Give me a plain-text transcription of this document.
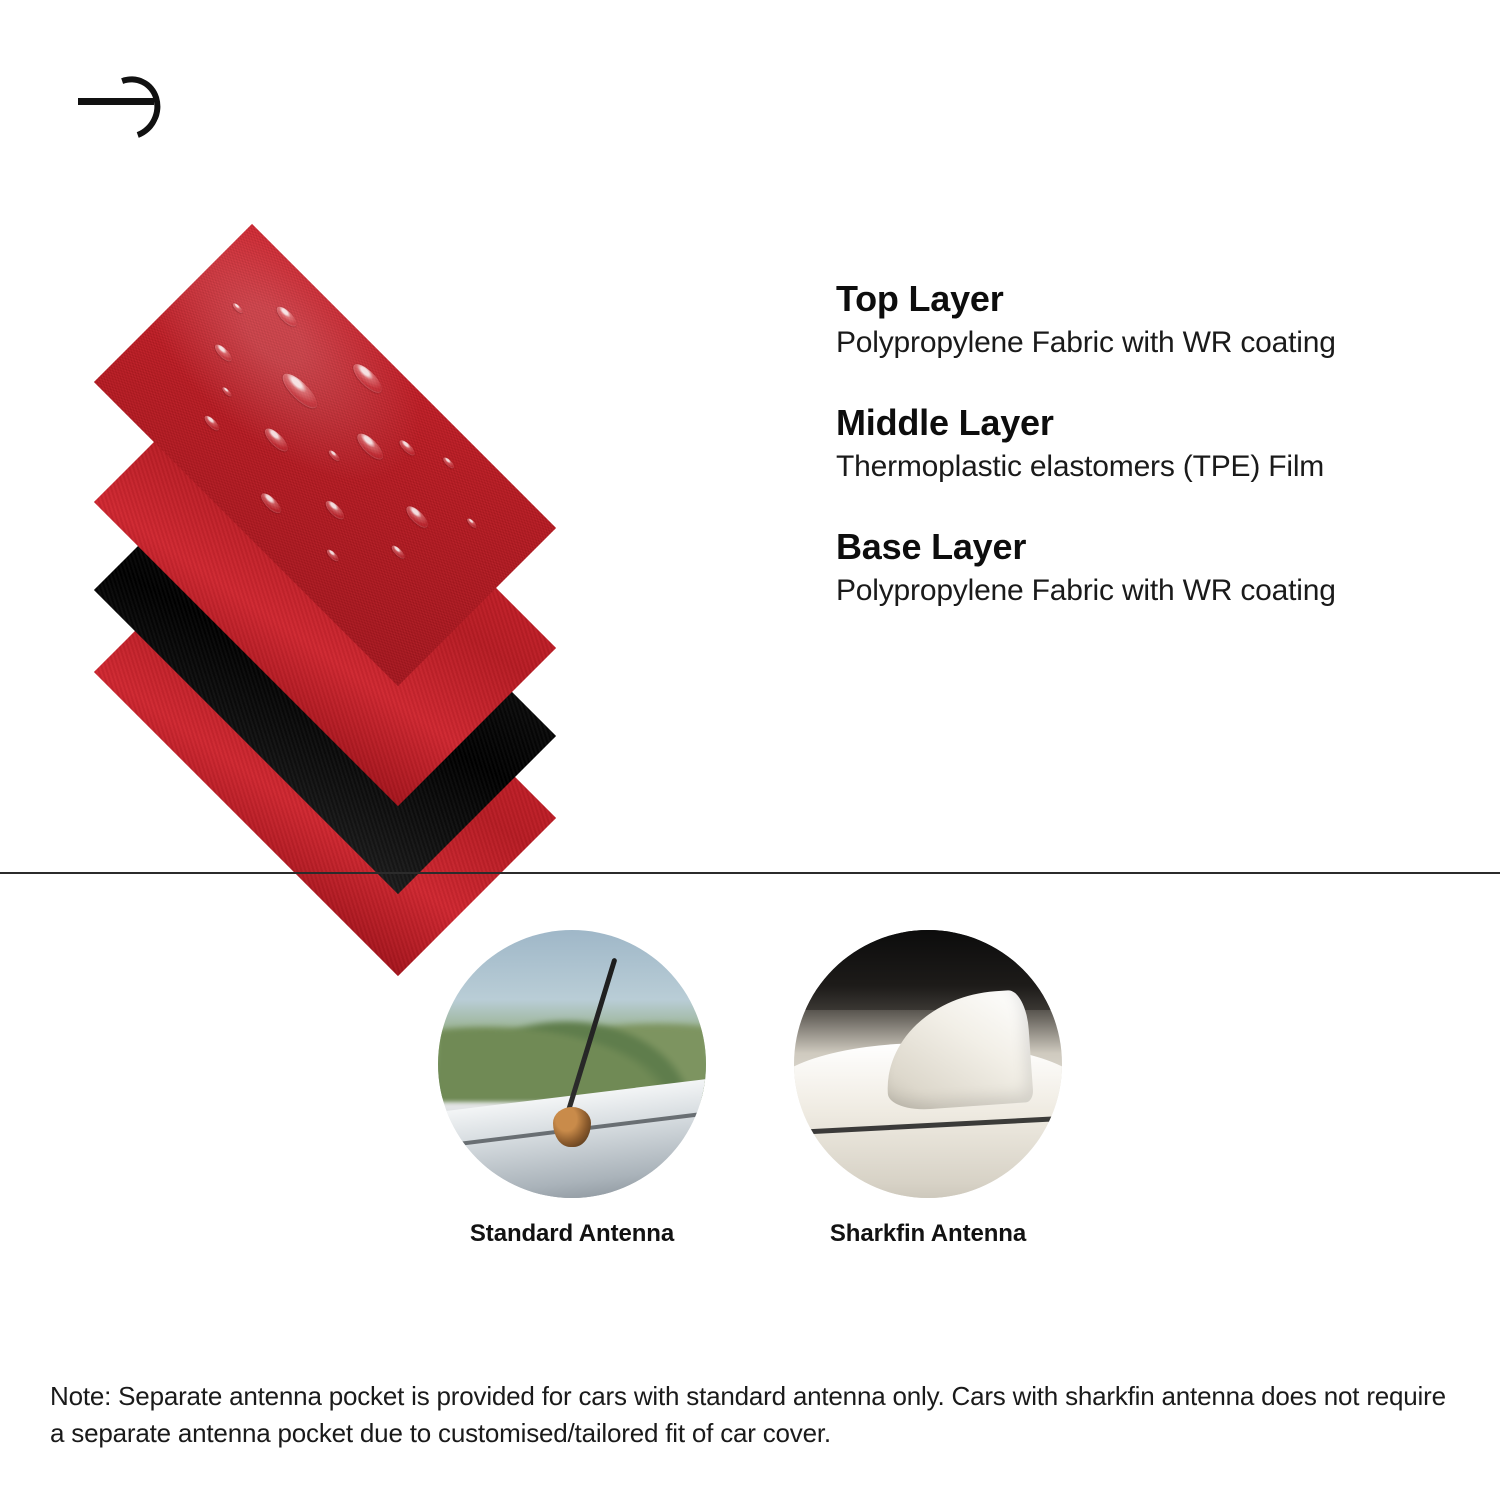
Top Layer

Polypropylene Fabric with WR coating

Middle Layer

Thermoplastic elastomers (TPE) Film

Base Layer

Polypropylene Fabric with WR coating

Standard Antenna	Sharkfin Antenna
Note: Separate antenna pocket is provided for cars with standard antenna only. Cars with sharkfin antenna does not require a separate antenna pocket due to customised/tailored fit of car cover.
